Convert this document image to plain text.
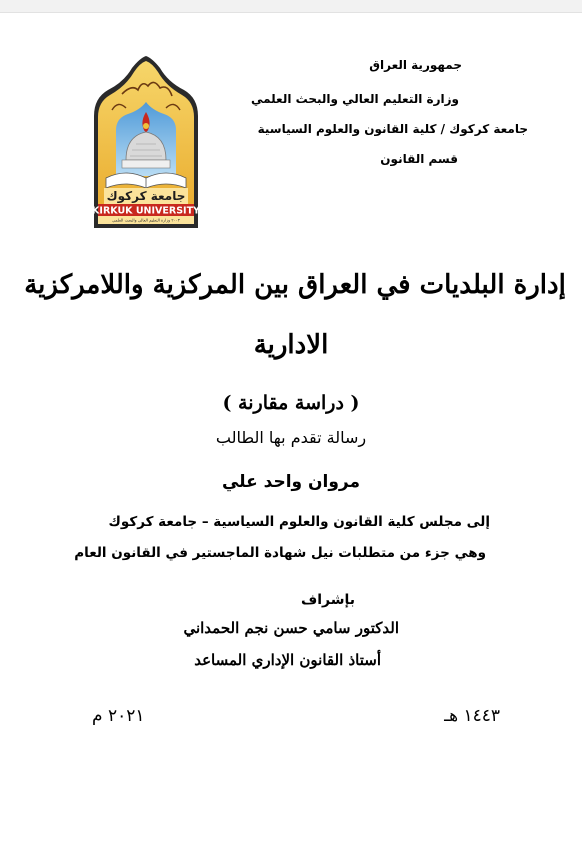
جامعة كركوك
KIRKUK UNIVERSITY
٢٠٠٣ وزارة التعليم العالي والبحث العلمي
جمهورية العراق
وزارة التعليم العالي والبحث العلمي
جامعة كركوك / كلية القانون والعلوم السياسية
قسم القانون
إدارة البلديات في العراق بين المركزية واللامركزية
الادارية
( دراسة مقارنة )
رسالة تقدم بها الطالب
مروان واحد علي
إلى مجلس كلية القانون والعلوم السياسية – جامعة كركوك
وهي جزء من متطلبات نيل شهادة الماجستير في القانون العام
بإشراف
الدكتور سامي حسن نجم الحمداني
أستاذ القانون الإداري المساعد
١٤٤٣ هـ
٢٠٢١ م
